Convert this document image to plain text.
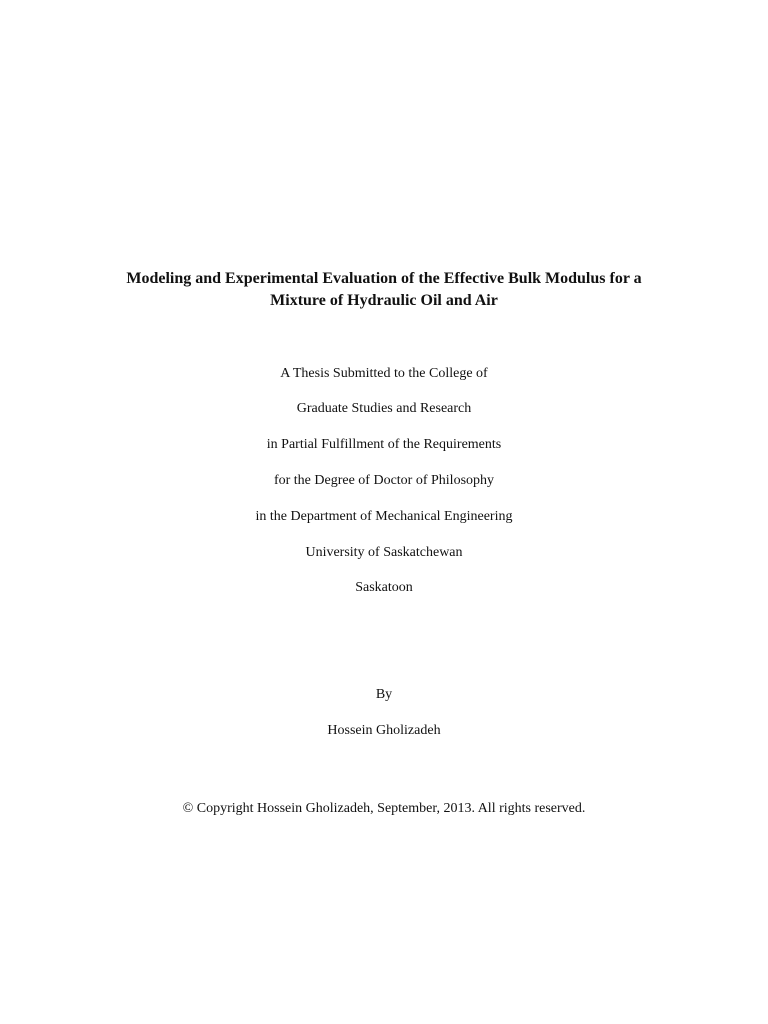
Modeling and Experimental Evaluation of the Effective Bulk Modulus for a
Mixture of Hydraulic Oil and Air

A Thesis Submitted to the College of

Graduate Studies and Research

in Partial Fulfillment of the Requirements

for the Degree of Doctor of Philosophy

in the Department of Mechanical Engineering

University of Saskatchewan

Saskatoon

By

Hossein Gholizadeh

© Copyright Hossein Gholizadeh, September, 2013. All rights reserved.
